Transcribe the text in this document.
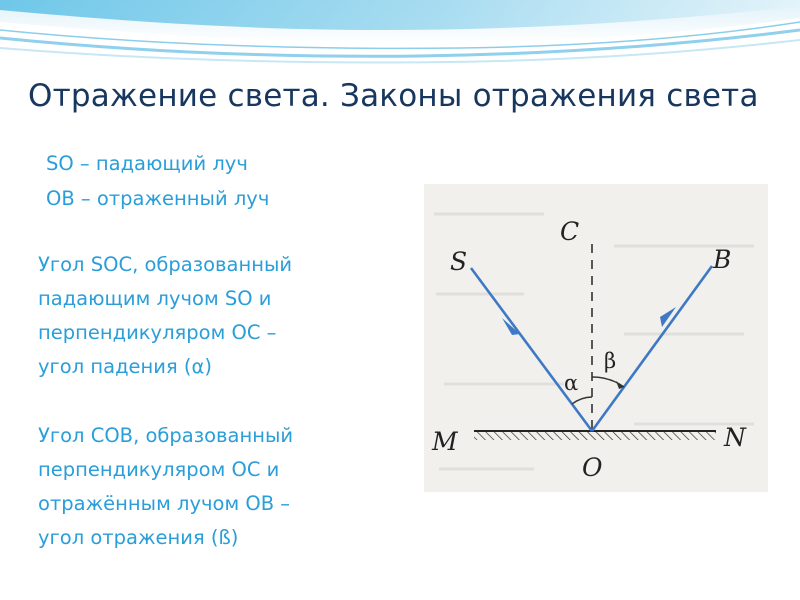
Отражение света. Законы отражения света
SO – падающий луч
OB – отраженный луч
Угол SOC, образованный
падающим лучом SO и
перпендикуляром OC –
угол падения (α)
Угол COB, образованный
перпендикуляром OC и
отражённым лучом OB –
угол отражения (ß)
S	B
C
M	N
O
α
β
